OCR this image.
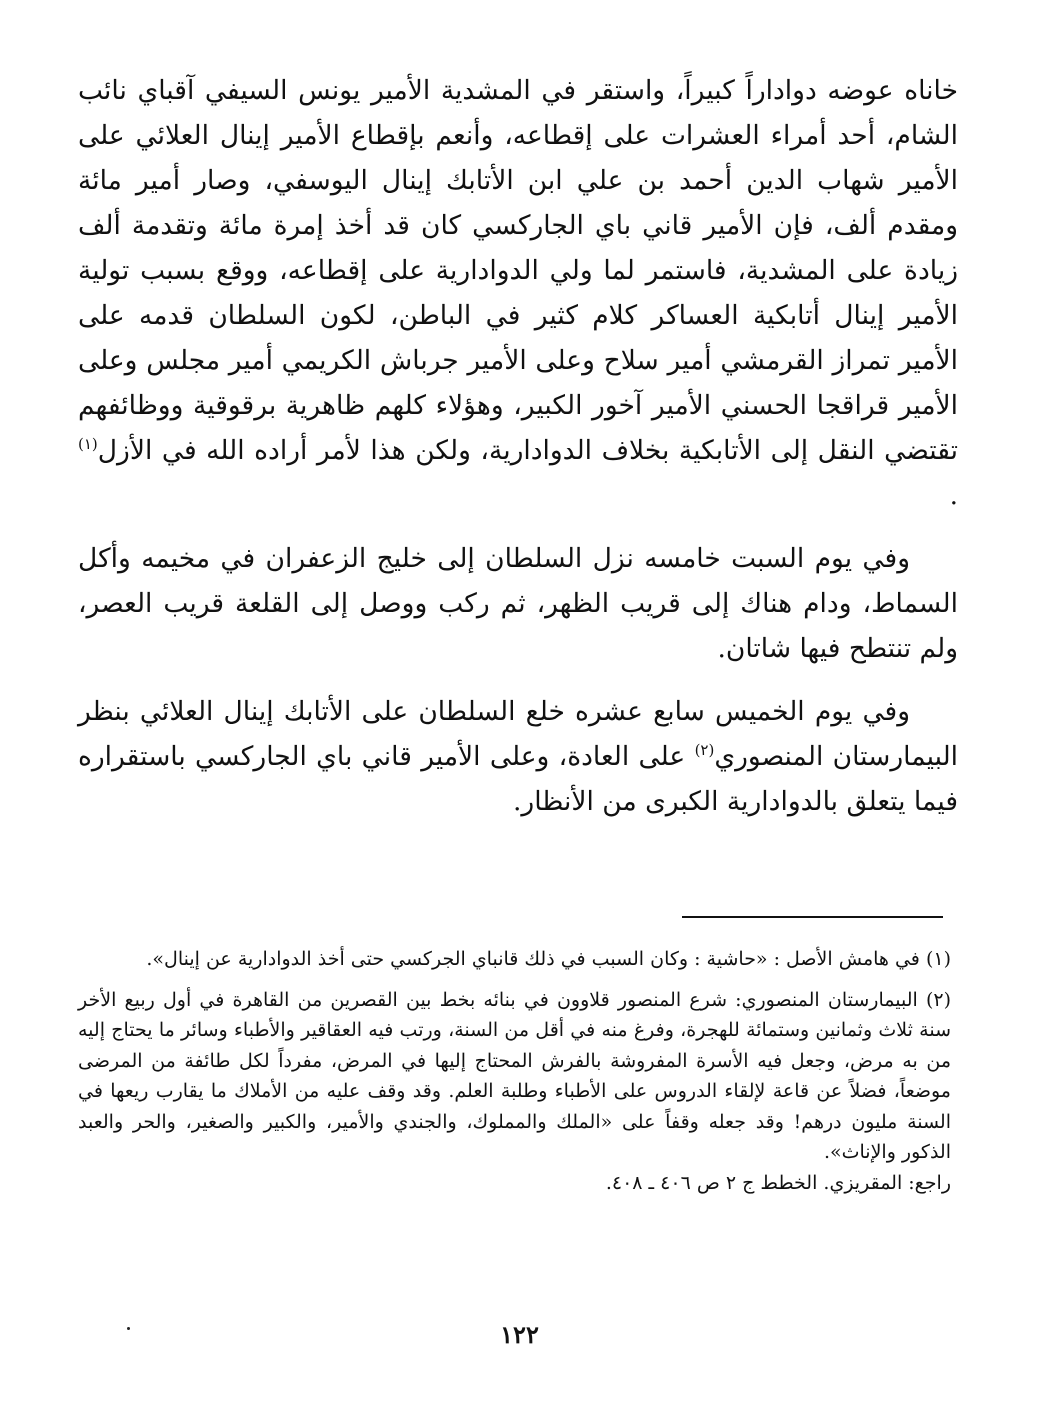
خاناه عوضه دواداراً كبيراً، واستقر في المشدية الأمير يونس السيفي آقباي نائب الشام، أحد أمراء العشرات على إقطاعه، وأنعم بإقطاع الأمير إينال العلائي على الأمير شهاب الدين أحمد بن علي ابن الأتابك إينال اليوسفي، وصار أمير مائة ومقدم ألف، فإن الأمير قاني باي الجاركسي كان قد أخذ إمرة مائة وتقدمة ألف زيادة على المشدية، فاستمر لما ولي الدوادارية على إقطاعه، ووقع بسبب تولية الأمير إينال أتابكية العساكر كلام كثير في الباطن، لكون السلطان قدمه على الأمير تمراز القرمشي أمير سلاح وعلى الأمير جرباش الكريمي أمير مجلس وعلى الأمير قراقجا الحسني الأمير آخور الكبير، وهؤلاء كلهم ظاهرية برقوقية ووظائفهم تقتضي النقل إلى الأتابكية بخلاف الدوادارية، ولكن هذا لأمر أراده الله في الأزل$^{(١)}$ .

وفي يوم السبت خامسه نزل السلطان إلى خليج الزعفران في مخيمه وأكل السماط، ودام هناك إلى قريب الظهر، ثم ركب ووصل إلى القلعة قريب العصر، ولم تنتطح فيها شاتان.

وفي يوم الخميس سابع عشره خلع السلطان على الأتابك إينال العلائي بنظر البيمارستان المنصوري$^{(٢)}$ على العادة، وعلى الأمير قاني باي الجاركسي باستقراره فيما يتعلق بالدوادارية الكبرى من الأنظار.

(١) في هامش الأصل : «حاشية : وكان السبب في ذلك قانباي الجركسي حتى أخذ الدوادارية عن إينال».

(٢) البيمارستان المنصوري: شرع المنصور قلاوون في بنائه بخط بين القصرين من القاهرة في أول ربيع الأخر سنة ثلاث وثمانين وستمائة للهجرة، وفرغ منه في أقل من السنة، ورتب فيه العقاقير والأطباء وسائر ما يحتاج إليه من به مرض، وجعل فيه الأسرة المفروشة بالفرش المحتاج إليها في المرض، مفرداً لكل طائفة من المرضى موضعاً، فضلاً عن قاعة لإلقاء الدروس على الأطباء وطلبة العلم. وقد وقف عليه من الأملاك ما يقارب ريعها في السنة مليون درهم! وقد جعله وقفاً على «الملك والمملوك، والجندي والأمير، والكبير والصغير، والحر والعبد الذكور والإناث».
راجع: المقريزي. الخطط ج ٢ ص ٤٠٦ ـ ٤٠٨.

١٢٢
